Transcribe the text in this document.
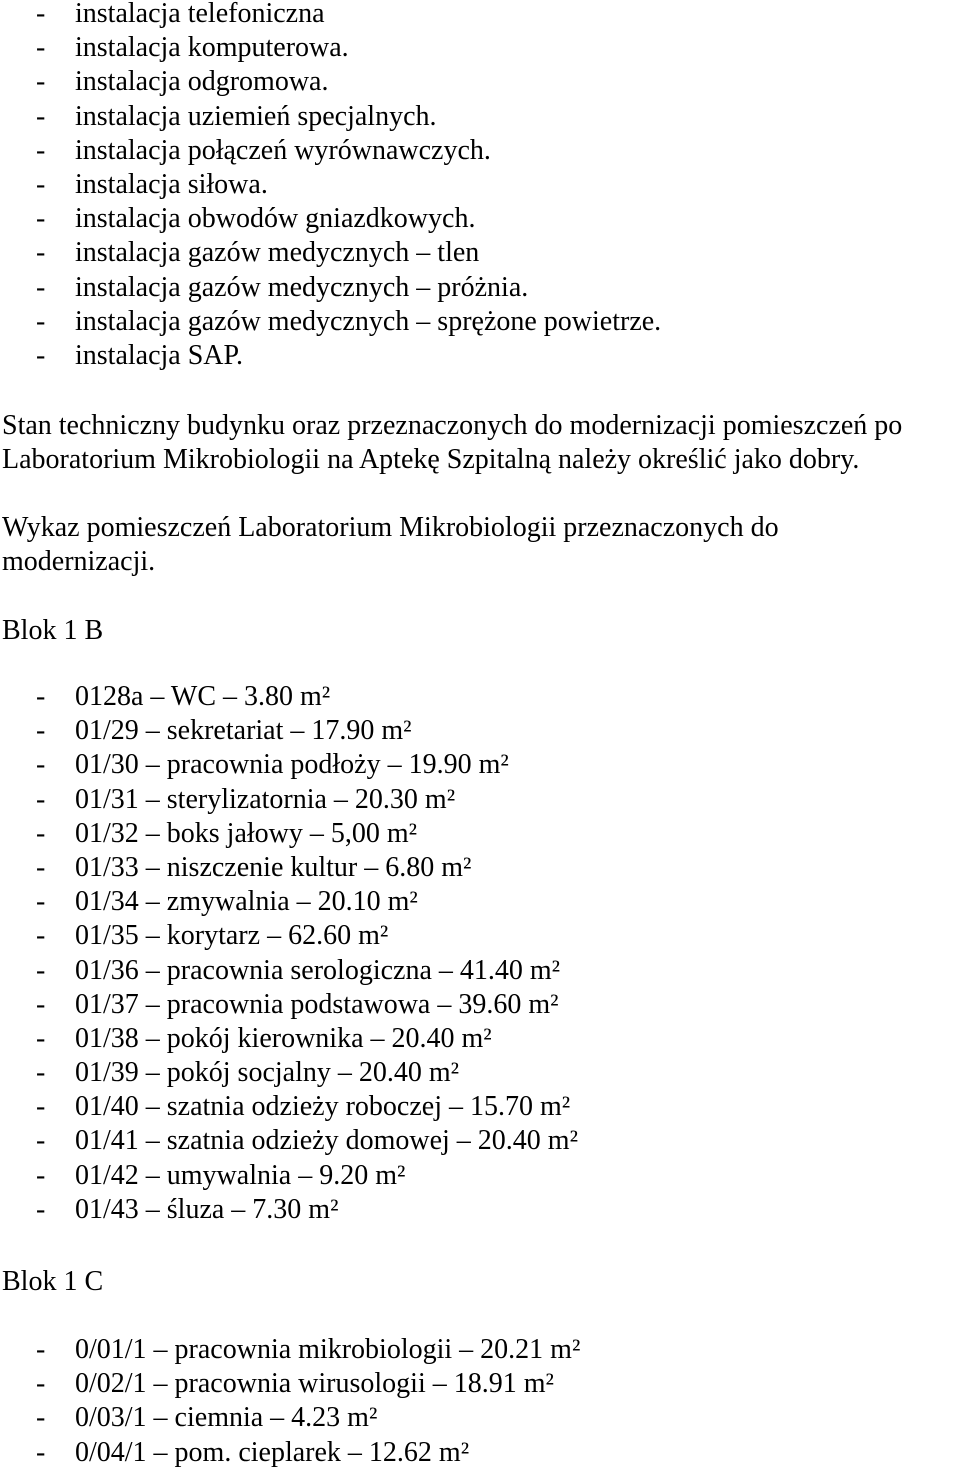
-	instalacja telefoniczna
-	instalacja komputerowa.
-	instalacja odgromowa.
-	instalacja uziemień specjalnych.
-	instalacja połączeń wyrównawczych.
-	instalacja siłowa.
-	instalacja obwodów gniazdkowych.
-	instalacja gazów medycznych – tlen
-	instalacja gazów medycznych – próżnia.
-	instalacja gazów medycznych – sprężone powietrze.
-	instalacja SAP.

Stan techniczny budynku oraz przeznaczonych do modernizacji pomieszczeń po Laboratorium Mikrobiologii na Aptekę Szpitalną należy określić jako dobry.

Wykaz pomieszczeń Laboratorium Mikrobiologii przeznaczonych do modernizacji.

Blok 1 B
-	0128a – WC – 3.80 m²
-	01/29 – sekretariat – 17.90 m²
-	01/30 – pracownia podłoży – 19.90 m²
-	01/31 – sterylizatornia – 20.30 m²
-	01/32 – boks jałowy – 5,00 m²
-	01/33 – niszczenie kultur – 6.80 m²
-	01/34 – zmywalnia – 20.10 m²
-	01/35 – korytarz – 62.60 m²
-	01/36 – pracownia serologiczna – 41.40 m²
-	01/37 – pracownia podstawowa – 39.60 m²
-	01/38 – pokój kierownika – 20.40 m²
-	01/39 – pokój socjalny – 20.40 m²
-	01/40 – szatnia odzieży roboczej – 15.70 m²
-	01/41 – szatnia odzieży domowej – 20.40 m²
-	01/42 – umywalnia – 9.20 m²
-	01/43 – śluza – 7.30 m²
Blok 1 C
-	0/01/1 – pracownia mikrobiologii – 20.21 m²
-	0/02/1 – pracownia wirusologii – 18.91 m²
-	0/03/1 – ciemnia – 4.23 m²
-	0/04/1 – pom. cieplarek – 12.62 m²
